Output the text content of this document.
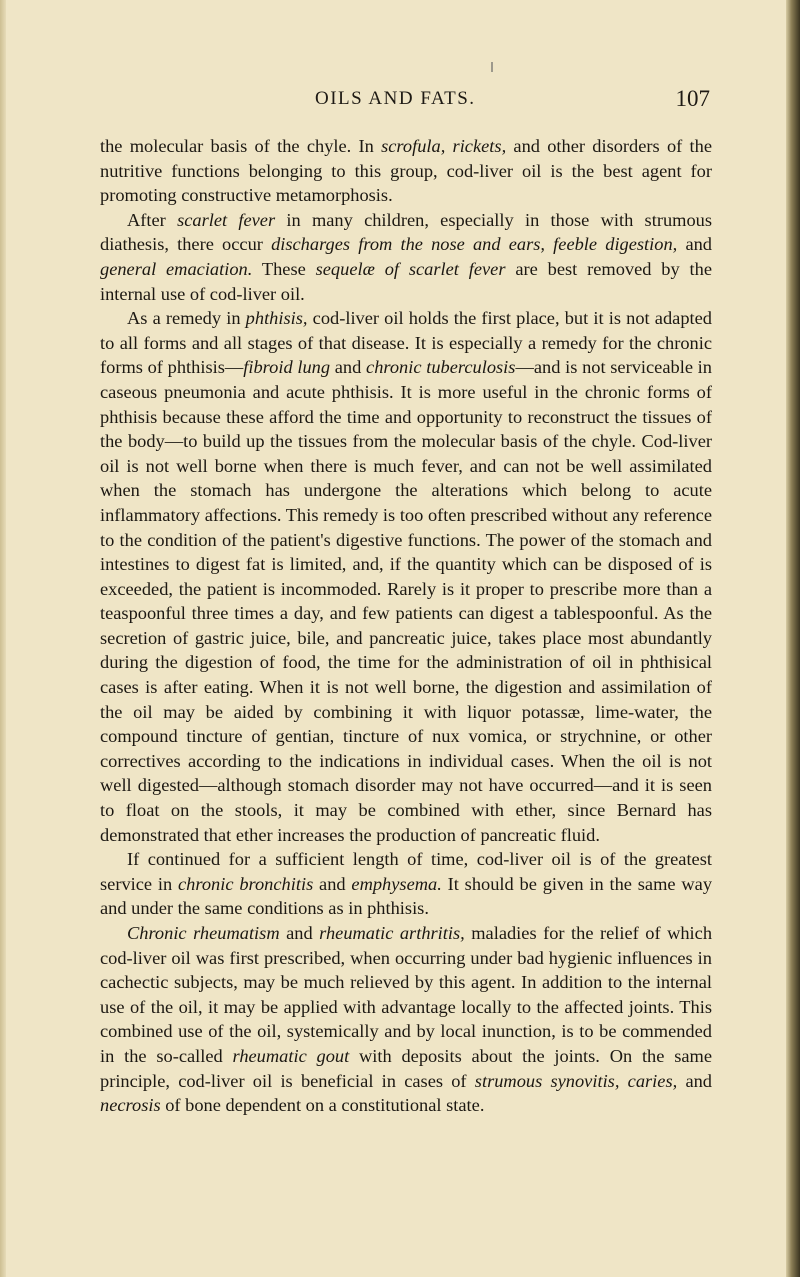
OILS AND FATS.	107

the molecular basis of the chyle. In scrofula, rickets, and other disorders of the nutritive functions belonging to this group, cod-liver oil is the best agent for promoting constructive metamorphosis.

After scarlet fever in many children, especially in those with strumous diathesis, there occur discharges from the nose and ears, feeble digestion, and general emaciation. These sequelæ of scarlet fever are best removed by the internal use of cod-liver oil.

As a remedy in phthisis, cod-liver oil holds the first place, but it is not adapted to all forms and all stages of that disease. It is especially a remedy for the chronic forms of phthisis—fibroid lung and chronic tuberculosis—and is not serviceable in caseous pneumonia and acute phthisis. It is more useful in the chronic forms of phthisis because these afford the time and opportunity to reconstruct the tissues of the body—to build up the tissues from the molecular basis of the chyle. Cod-liver oil is not well borne when there is much fever, and can not be well assimilated when the stomach has undergone the alterations which belong to acute inflammatory affections. This remedy is too often prescribed without any reference to the condition of the patient's digestive functions. The power of the stomach and intestines to digest fat is limited, and, if the quantity which can be disposed of is exceeded, the patient is incommoded. Rarely is it proper to prescribe more than a teaspoonful three times a day, and few patients can digest a tablespoonful. As the secretion of gastric juice, bile, and pancreatic juice, takes place most abundantly during the digestion of food, the time for the administration of oil in phthisical cases is after eating. When it is not well borne, the digestion and assimilation of the oil may be aided by combining it with liquor potassæ, lime-water, the compound tincture of gentian, tincture of nux vomica, or strychnine, or other correctives according to the indications in individual cases. When the oil is not well digested—although stomach disorder may not have occurred—and it is seen to float on the stools, it may be combined with ether, since Bernard has demonstrated that ether increases the production of pancreatic fluid.

If continued for a sufficient length of time, cod-liver oil is of the greatest service in chronic bronchitis and emphysema. It should be given in the same way and under the same conditions as in phthisis.

Chronic rheumatism and rheumatic arthritis, maladies for the relief of which cod-liver oil was first prescribed, when occurring under bad hygienic influences in cachectic subjects, may be much relieved by this agent. In addition to the internal use of the oil, it may be applied with advantage locally to the affected joints. This combined use of the oil, systemically and by local inunction, is to be commended in the so-called rheumatic gout with deposits about the joints. On the same principle, cod-liver oil is beneficial in cases of strumous synovitis, caries, and necrosis of bone dependent on a constitutional state.
